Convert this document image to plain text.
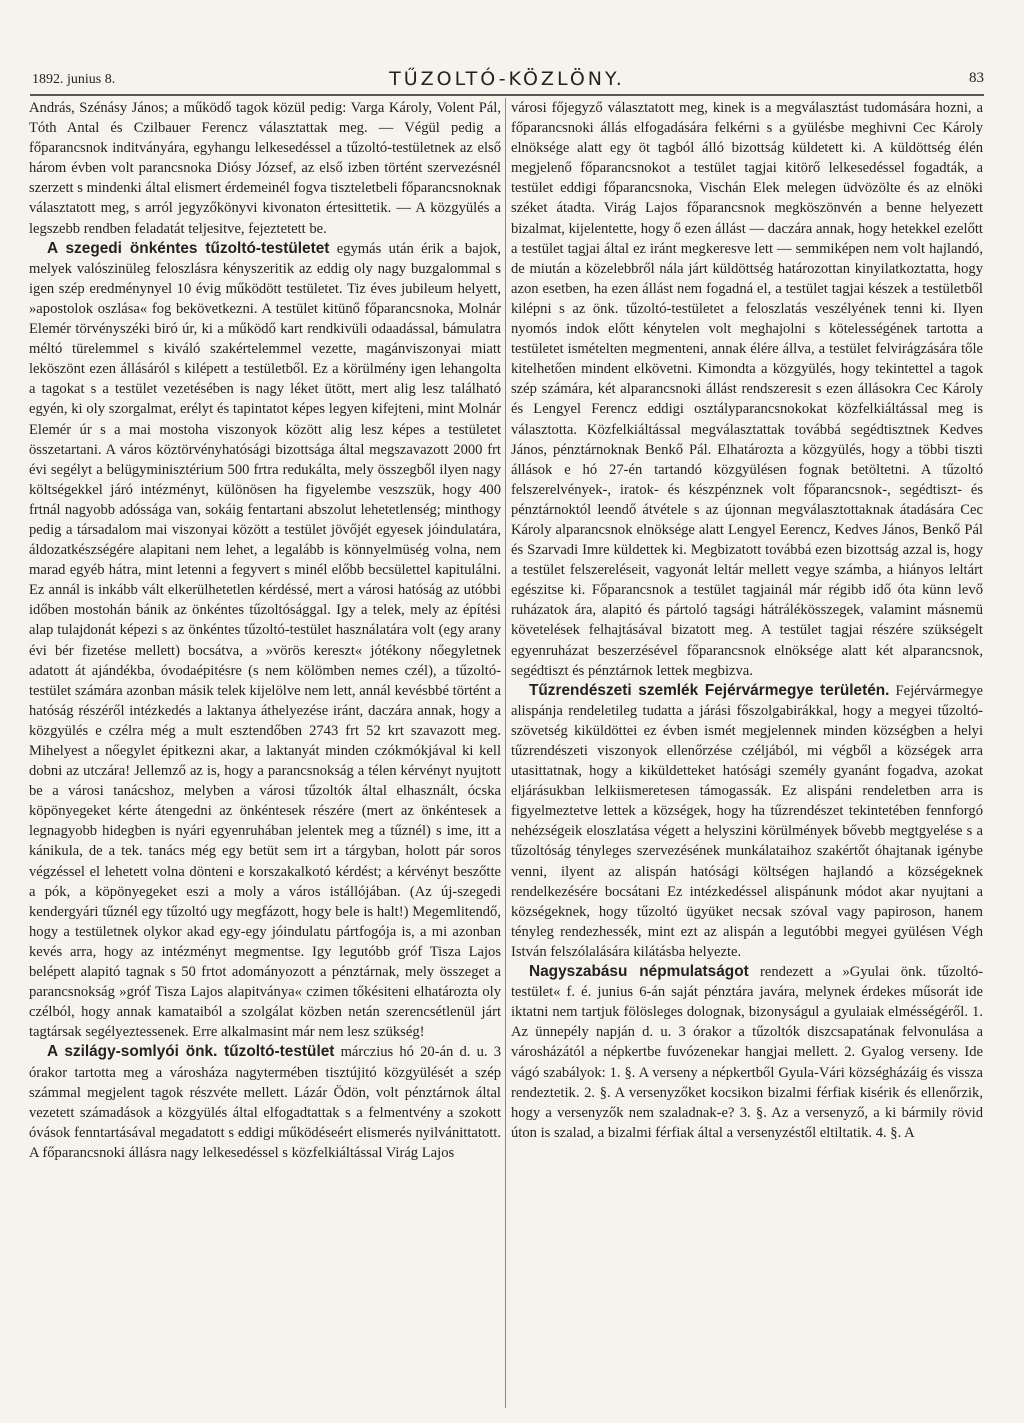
1892. junius 8.	TŰZOLTÓ-KÖZLÖNY.	83

András, Szénásy János; a működő tagok közül pedig: Varga Károly, Volent Pál, Tóth Antal és Czilbauer Ferencz választattak meg. — Végül pedig a főparancsnok inditványára, egyhangu lelkesedéssel a tűzoltó-testületnek az első három évben volt parancsnoka Diósy József, az első izben történt szervezésnél szerzett s mindenki által elismert érdemeinél fogva tiszteletbeli főparancsnoknak választatott meg, s arról jegyzőkönyvi kivonaton értesittetik. — A közgyülés a legszebb rendben feladatát teljesitve, fejeztetett be.

A szegedi önkéntes tűzoltó-testületet egymás után érik a bajok, melyek valószinüleg feloszlásra kényszeritik az eddig oly nagy buzgalommal s igen szép eredménynyel 10 évig működött testületet. Tiz éves jubileum helyett, »apostolok oszlása« fog bekövetkezni. A testület kitünő főparancsnoka, Molnár Elemér törvényszéki biró úr, ki a működő kart rendkivüli odaadással, bámulatra méltó türelemmel s kiváló szakértelemmel vezette, magánviszonyai miatt leköszönt ezen állásáról s kilépett a testületből. Ez a körülmény igen lehangolta a tagokat s a testület vezetésében is nagy léket ütött, mert alig lesz található egyén, ki oly szorgalmat, erélyt és tapintatot képes legyen kifejteni, mint Molnár Elemér úr s a mai mostoha viszonyok között alig lesz képes a testületet összetartani. A város köztörvényhatósági bizottsága által megszavazott 2000 frt évi segélyt a belügyminisztérium 500 frtra redukálta, mely összegből ilyen nagy költségekkel járó intézményt, különösen ha figyelembe veszszük, hogy 400 frtnál nagyobb adóssága van, sokáig fentartani abszolut lehetetlenség; minthogy pedig a társadalom mai viszonyai között a testület jövőjét egyesek jóindulatára, áldozatkészségére alapitani nem lehet, a legalább is könnyelmüség volna, nem marad egyéb hátra, mint letenni a fegyvert s minél előbb becsülettel kapitulálni. Ez annál is inkább vált elkerülhetetlen kérdéssé, mert a városi hatóság az utóbbi időben mostohán bánik az önkéntes tűzoltósággal. Igy a telek, mely az építési alap tulajdonát képezi s az önkéntes tűzoltó-testület használatára volt (egy arany évi bér fizetése mellett) bocsátva, a »vörös kereszt« jótékony nőegyletnek adatott át ajándékba, óvodaépitésre (s nem kölömben nemes czél), a tűzoltó-testület számára azonban másik telek kijelölve nem lett, annál kevésbbé történt a hatóság részéről intézkedés a laktanya áthelyezése iránt, daczára annak, hogy a közgyülés e czélra még a mult esztendőben 2743 frt 52 krt szavazott meg. Mihelyest a nőegylet épitkezni akar, a laktanyát minden czókmókjával ki kell dobni az utczára! Jellemző az is, hogy a parancsnokság a télen kérvényt nyujtott be a városi tanácshoz, melyben a városi tűzoltók által elhasznált, ócska köpönyegeket kérte átengedni az önkéntesek részére (mert az önkéntesek a legnagyobb hidegben is nyári egyenruhában jelentek meg a tűznél) s ime, itt a kánikula, de a tek. tanács még egy betüt sem irt a tárgyban, holott pár soros végzéssel el lehetett volna dönteni e korszakalkotó kérdést; a kérvényt beszőtte a pók, a köpönyegeket eszi a moly a város istállójában. (Az új-szegedi kendergyári tűznél egy tűzoltó ugy megfázott, hogy bele is halt!) Megemlitendő, hogy a testületnek olykor akad egy-egy jóindulatu pártfogója is, a mi azonban kevés arra, hogy az intézményt megmentse. Igy legutóbb gróf Tisza Lajos belépett alapitó tagnak s 50 frtot adományozott a pénztárnak, mely összeget a parancsnokság »gróf Tisza Lajos alapitványa« czimen tőkésiteni elhatározta oly czélból, hogy annak kamataiból a szolgálat közben netán szerencsétlenül járt tagtársak segélyeztessenek. Erre alkalmasint már nem lesz szükség!

A szilágy-somlyói önk. tűzoltó-testület márczius hó 20-án d. u. 3 órakor tartotta meg a városháza nagytermében tisztújitó közgyülését a szép számmal megjelent tagok részvéte mellett. Lázár Ödön, volt pénztárnok által vezetett számadások a közgyülés által elfogadtattak s a felmentvény a szokott óvások fenntartásával megadatott s eddigi működéseért elismerés nyilvánittatott. A főparancsnoki állásra nagy lelkesedéssel s közfelkiáltással Virág Lajos

városi főjegyző választatott meg, kinek is a megválasztást tudomására hozni, a főparancsnoki állás elfogadására felkérni s a gyülésbe meghivni Cec Károly elnöksége alatt egy öt tagból álló bizottság küldetett ki. A küldöttség élén megjelenő főparancsnokot a testület tagjai kitörő lelkesedéssel fogadták, a testület eddigi főparancsnoka, Vischán Elek melegen üdvözölte és az elnöki széket átadta. Virág Lajos főparancsnok megköszönvén a benne helyezett bizalmat, kijelentette, hogy ő ezen állást — daczára annak, hogy hetekkel ezelőtt a testület tagjai által ez iránt megkeresve lett — semmiképen nem volt hajlandó, de miután a közelebbről nála járt küldöttség határozottan kinyilatkoztatta, hogy azon esetben, ha ezen állást nem fogadná el, a testület tagjai készek a testületből kilépni s az önk. tűzoltó-testületet a feloszlatás veszélyének tenni ki. Ilyen nyomós indok előtt kénytelen volt meghajolni s kötelességének tartotta a testületet ismételten megmenteni, annak élére állva, a testület felvirágzására tőle kitelhetően mindent elkövetni. Kimondta a közgyülés, hogy tekintettel a tagok szép számára, két alparancsnoki állást rendszeresit s ezen állásokra Cec Károly és Lengyel Ferencz eddigi osztályparancsnokokat közfelkiáltással meg is választotta. Közfelkiáltással megválasztattak továbbá segédtisztnek Kedves János, pénztárnoknak Benkő Pál. Elhatározta a közgyülés, hogy a többi tiszti állások e hó 27-én tartandó közgyülésen fognak betöltetni. A tűzoltó felszerelvények-, iratok- és készpénznek volt főparancsnok-, segédtiszt- és pénztárnoktól leendő átvétele s az újonnan megválasztottaknak átadására Cec Károly alparancsnok elnöksége alatt Lengyel Eerencz, Kedves János, Benkő Pál és Szarvadi Imre küldettek ki. Megbizatott továbbá ezen bizottság azzal is, hogy a testület felszereléseit, vagyonát leltár mellett vegye számba, a hiányos leltárt egészitse ki. Főparancsnok a testület tagjainál már régibb idő óta künn levő ruházatok ára, alapitó és pártoló tagsági hátrálékösszegek, valamint másnemü követelések felhajtásával bizatott meg. A testület tagjai részére szükségelt egyenruházat beszerzésével főparancsnok elnöksége alatt két alparancsnok, segédtiszt és pénztárnok lettek megbizva.

Tűzrendészeti szemlék Fejérvármegye területén. Fejérvármegye alispánja rendeletileg tudatta a járási főszolgabirákkal, hogy a megyei tűzoltó-szövetség kiküldöttei ez évben ismét megjelennek minden községben a helyi tűzrendészeti viszonyok ellenőrzése czéljából, mi végből a községek arra utasittatnak, hogy a kiküldetteket hatósági személy gyanánt fogadva, azokat eljárásukban lelkiismeretesen támogassák. Ez alispáni rendeletben arra is figyelmeztetve lettek a községek, hogy ha tűzrendészet tekintetében fennforgó nehézségeik eloszlatása végett a helyszini körülmények bővebb megtgyelése s a tűzoltóság tényleges szervezésének munkálataihoz szakértőt óhajtanak igénybe venni, ilyent az alispán hatósági költségen hajlandó a községeknek rendelkezésére bocsátani Ez intézkedéssel alispánunk módot akar nyujtani a községeknek, hogy tűzoltó ügyüket necsak szóval vagy papiroson, hanem tényleg rendezhessék, mint ezt az alispán a legutóbbi megyei gyülésen Végh István felszólalására kilátásba helyezte.

Nagyszabásu népmulatságot rendezett a »Gyulai önk. tűzoltó-testület« f. é. junius 6-án saját pénztára javára, melynek érdekes műsorát ide iktatni nem tartjuk fölösleges dolognak, bizonyságul a gyulaiak elmésségéről. 1. Az ünnepély napján d. u. 3 órakor a tűzoltók diszcsapatának felvonulása a városházától a népkertbe fuvózenekar hangjai mellett. 2. Gyalog verseny. Ide vágó szabályok: 1. §. A verseny a népkertből Gyula-Vári községházáig és vissza rendeztetik. 2. §. A versenyzőket kocsikon bizalmi férfiak kisérik és ellenőrzik, hogy a versenyzők nem szaladnak-e? 3. §. Az a versenyző, a ki bármily rövid úton is szalad, a bizalmi férfiak által a versenyzéstől eltiltatik. 4. §. A
